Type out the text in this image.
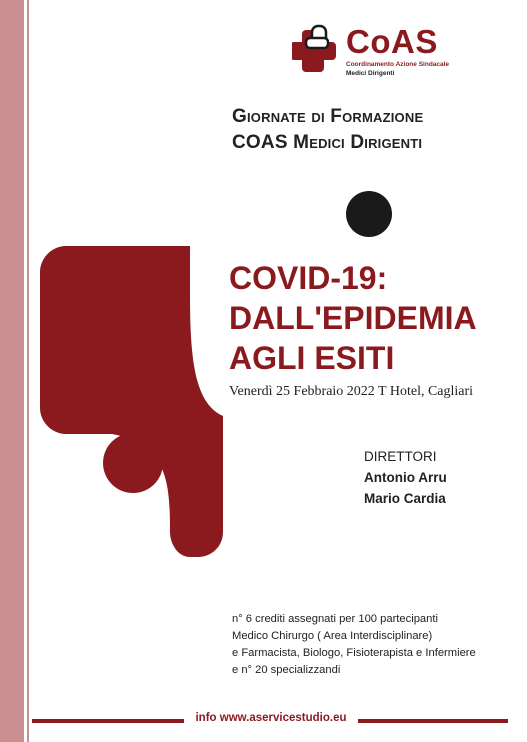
CoAS
Coordinamento Azione Sindacale
Medici Dirigenti
Giornate di Formazione
COAS Medici Dirigenti
COVID-19:
DALL'EPIDEMIA
AGLI ESITI
Venerdì 25 Febbraio 2022 T Hotel, Cagliari
DIRETTORI
Antonio Arru
Mario Cardia
n° 6 crediti assegnati per 100 partecipanti
Medico Chirurgo ( Area Interdisciplinare)
e Farmacista, Biologo, Fisioterapista e Infermiere
e n° 20 specializzandi
info www.aservicestudio.eu
